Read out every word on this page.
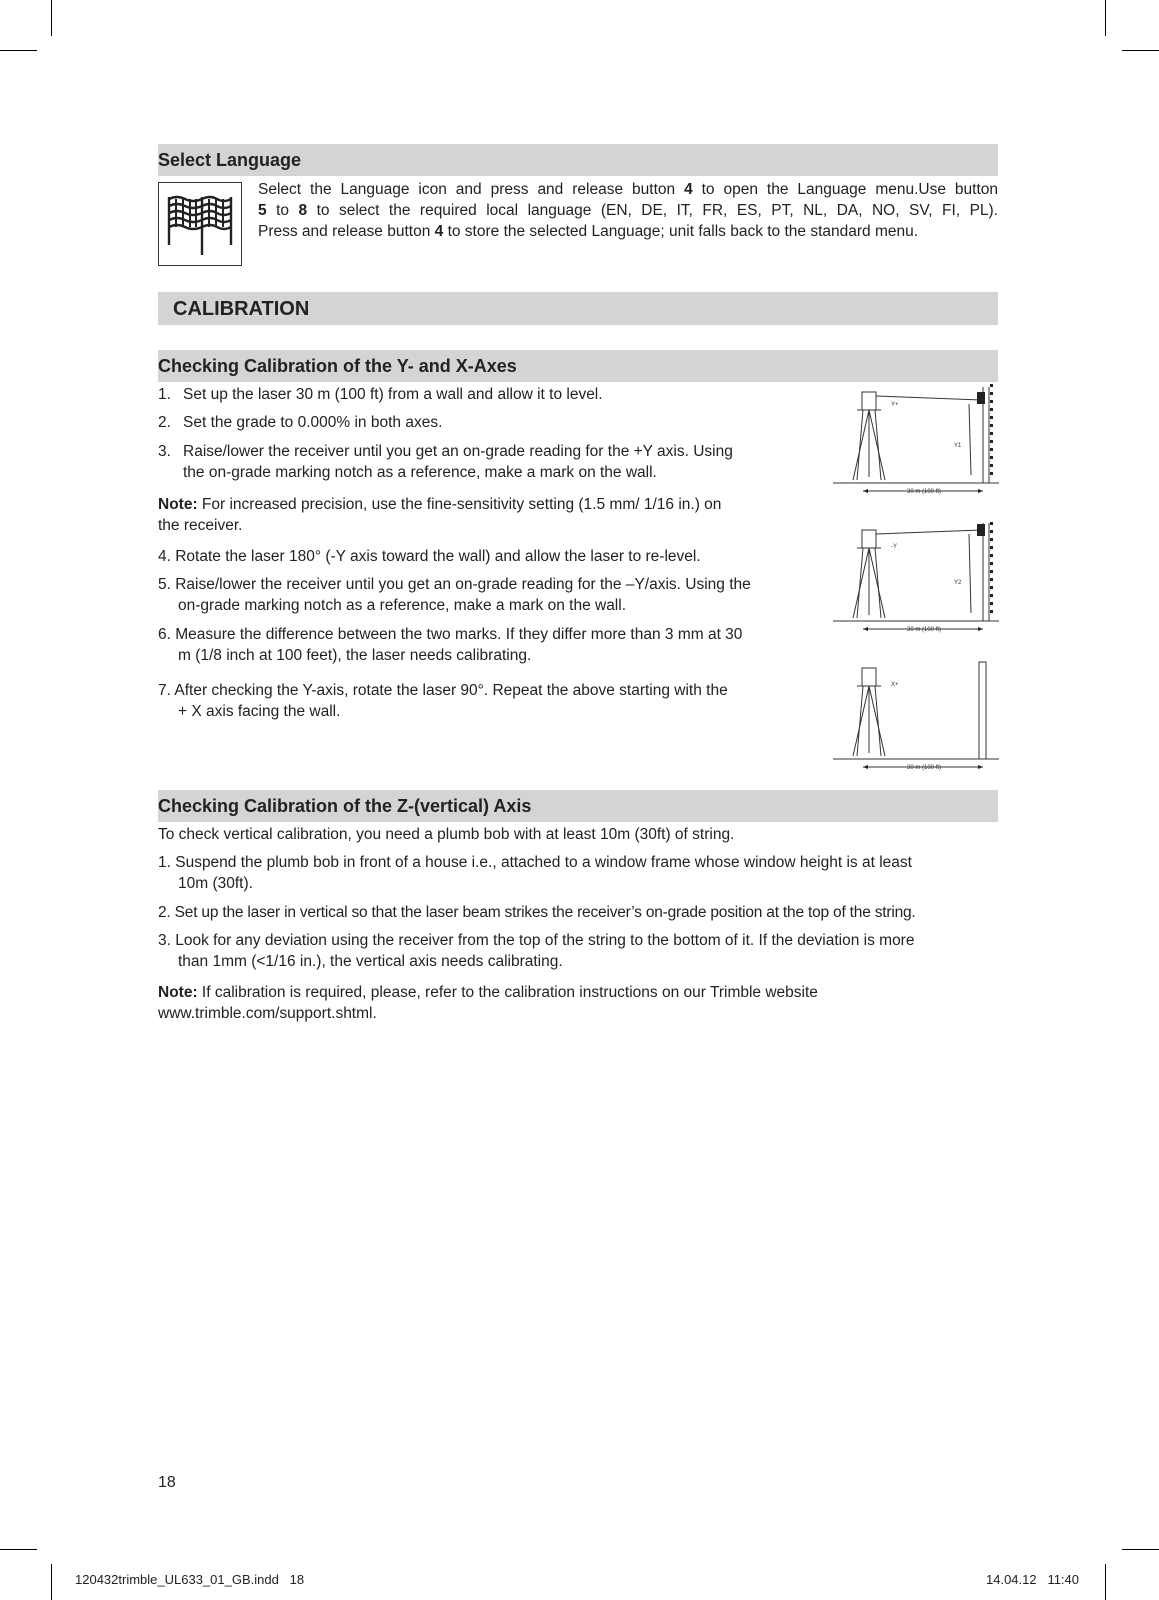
Select Language
Select the Language icon and press and release button 4 to open the Language menu.Use button
5 to 8 to select the required local language (EN, DE, IT, FR, ES, PT, NL, DA, NO, SV, FI, PL).
Press and release button 4 to store the selected Language; unit falls back to the standard menu.
CALIBRATION
Checking Calibration of the Y- and X-Axes
1. Set up the laser 30 m (100 ft) from a wall and allow it to level.
2. Set the grade to 0.000% in both axes.
3. Raise/lower the receiver until you get an on-grade reading for the +Y axis. Using
the on-grade marking notch as a reference, make a mark on the wall.
Note: For increased precision, use the fine-sensitivity setting (1.5 mm/ 1/16 in.) on
the receiver.
4. Rotate the laser 180° (-Y axis toward the wall) and allow the laser to re-level.
5. Raise/lower the receiver until you get an on-grade reading for the –Y/axis. Using the
on-grade marking notch as a reference, make a mark on the wall.
6. Measure the difference between the two marks. If they differ more than 3 mm at 30
m (1/8 inch at 100 feet), the laser needs calibrating.
7. After checking the Y-axis, rotate the laser 90°. Repeat the above starting with the
+ X axis facing the wall.
Y+
Y1
30 m (100 ft)
-Y
Y2
30 m (100 ft)
X+
30 m (100 ft)
Checking Calibration of the Z-(vertical) Axis
To check vertical calibration, you need a plumb bob with at least 10m (30ft) of string.
1. Suspend the plumb bob in front of a house i.e., attached to a window frame whose window height is at least
10m (30ft).
2. Set up the laser in vertical so that the laser beam strikes the receiver’s on-grade position at the top of the string.
3. Look for any deviation using the receiver from the top of the string to the bottom of it. If the deviation is more
than 1mm (<1/16 in.), the vertical axis needs calibrating.
Note: If calibration is required, please, refer to the calibration instructions on our Trimble website
www.trimble.com/support.shtml.
18
120432trimble_UL633_01_GB.indd   18	14.04.12   11:40
